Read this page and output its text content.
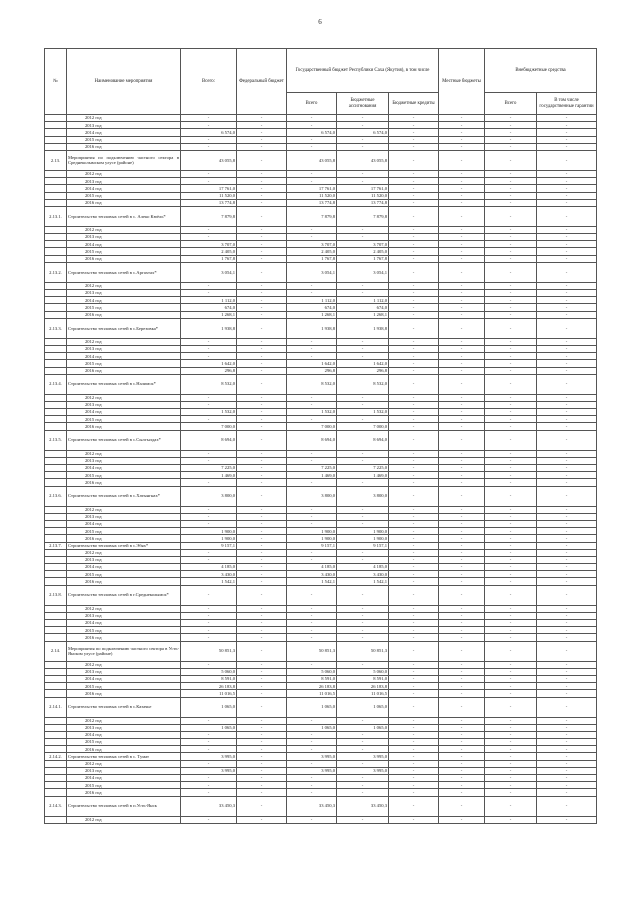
6
№	Наименование мероприятия	Всего:	Федеральный бюджет	Государственный бюджет Республики Саха (Якутия), в том числе			Местные бюджеты	Внебюджетные средства	
				Всего	Бюджетные ассигнования	Бюджетные кредиты		Всего	В том числе государственные гарантии
	2012 год	-	-	-	-	-	-	-	-
	2013 год	-	-	-	-	-	-	-	-
	2014 год	6 574,0	-	6 574,0	6 574,0	-	-	-	-
	2015 год	-	-	-	-	-	-	-	-
	2016 год	-	-	-	-	-	-	-	-
2.13.	Мероприятия по подключению частного сектора в Среднеколымском улусе (районе)	43 055,8	-	43 055,8	43 055,8	-	-	-	-
	2012 год	-	-	-	-	-	-	-	-
	2013 год	-	-	-	-	-	-	-	-
	2014 год	17 761,0	-	17 761,0	17 761,0	-	-	-	-
	2015 год	11 520,0	-	11 520,0	11 520,0	-	-	-	-
	2016 год	13 774,8	-	13 774,8	13 774,8	-	-	-	-
2.13.1.	Строительство тепловых сетей в с. Алеко Кюёль*	7 879,8	-	7 879,8	7 879,8	-	-	-	-
	2012 год	-	-	-	-	-	-	-	-
	2013 год	-	-	-	-	-	-	-	-
	2014 год	3 707,0	-	3 707,0	3 707,0	-	-	-	-
	2015 год	2 405,0	-	2 405,0	2 405,0	-	-	-	-
	2016 год	1 767,8	-	1 767,8	1 767,8	-	-	-	-
2.13.2.	Строительство тепловых сетей в с.Аргахтах*	3 054,1	-	3 054,1	3 054,1	-	-	-	-
	2012 год	-	-	-	-	-	-	-	-
	2013 год	-	-	-	-	-	-	-	-
	2014 год	1 112,0	-	1 112,0	1 112,0	-	-	-	-
	2015 год	674,0	-	674,0	674,0	-	-	-	-
	2016 год	1 268,1	-	1 268,1	1 268,1	-	-	-	-
2.13.3.	Строительство тепловых сетей в с.Березовка*	1 938,8	-	1 938,8	1 938,8	-	-	-	-
	2012 год	-	-	-	-	-	-	-	-
	2013 год	-	-	-	-	-	-	-	-
	2014 год	-	-	-	-	-	-	-	-
	2015 год	1 642,0	-	1 642,0	1 642,0	-	-	-	-
	2016 год	296,8	-	296,8	296,8	-	-	-	-
2.13.4.	Строительство тепловых сетей в с.Налимск*	8 532,0	-	8 532,0	8 532,0	-	-	-	-
	2012 год	-	-	-	-	-	-	-	-
	2013 год	-	-	-	-	-	-	-	-
	2014 год	1 532,0	-	1 532,0	1 532,0	-	-	-	-
	2015 год	-	-	-	-	-	-	-	-
	2016 год	7 000,0	-	7 000,0	7 000,0	-	-	-	-
2.13.5.	Строительство тепловых сетей в с.Сылгылдах*	8 694,0	-	8 694,0	8 694,0	-	-	-	-
	2012 год	-	-	-	-	-	-	-	-
	2013 год	-	-	-	-	-	-	-	-
	2014 год	7 225,0	-	7 225,0	7 225,0	-	-	-	-
	2015 год	1 469,0	-	1 469,0	1 469,0	-	-	-	-
	2016 год	-	-	-	-	-	-	-	-
2.13.6.	Строительство тепловых сетей в с.Хатынгнах*	3 800,0	-	3 800,0	3 800,0	-	-	-	-
	2012 год	-	-	-	-	-	-	-	-
	2013 год	-	-	-	-	-	-	-	-
	2014 год	-	-	-	-	-	-	-	-
	2015 год	1 900,0	-	1 900,0	1 900,0	-	-	-	-
	2016 год	1 900,0	-	1 900,0	1 900,0	-	-	-	-
2.13.7.	Строительство тепловых сетей в с.Эбях*	9 157,1	-	9 157,1	9 157,1	-	-	-	-
	2012 год	-	-	-	-	-	-	-	-
	2013 год	-	-	-	-	-	-	-	-
	2014 год	4 185,0	-	4 185,0	4 185,0	-	-	-	-
	2015 год	3 430,0	-	3 430,0	3 430,0	-	-	-	-
	2016 год	1 542,1	-	1 542,1	1 542,1	-	-	-	-
2.13.8.	Строительство тепловых сетей в г.Среднеколымск*	-	-	-	-	-	-	-	-
	2012 год	-	-	-	-	-	-	-	-
	2013 год	-	-	-	-	-	-	-	-
	2014 год	-	-	-	-	-	-	-	-
	2015 год	-	-	-	-	-	-	-	-
	2016 год	-	-	-	-	-	-	-	-
2.14.	Мероприятия по подключению частного сектора в Усть-Янском улусе (районе)	50 851,3	-	50 851,3	50 851,3	-	-	-	-
	2012 год	-	-	-	-	-	-	-	-
	2013 год	5 060,0	-	5 060,0	5 060,0	-	-	-	-
	2014 год	8 591,0	-	8 591,0	8 591,0	-	-	-	-
	2015 год	26 183,8	-	26 183,8	26 183,8	-	-	-	-
	2016 год	11 016,5	-	11 016,5	11 016,5	-	-	-	-
2.14.1.	Строительство тепловых сетей в с.Казачье	1 065,0	-	1 065,0	1 065,0	-	-	-	-
	2012 год	-	-	-	-	-	-	-	-
	2013 год	1 065,0	-	1 065,0	1 065,0	-	-	-	-
	2014 год	-	-	-	-	-	-	-	-
	2015 год	-	-	-	-	-	-	-	-
	2016 год	-	-	-	-	-	-	-	-
2.14.2.	Строительство тепловых сетей в с. Тумат	3 995,0	-	3 995,0	3 995,0	-	-	-	-
	2012 год	-	-	-	-	-	-	-	-
	2013 год	3 995,0	-	3 995,0	3 995,0	-	-	-	-
	2014 год	-	-	-	-	-	-	-	-
	2015 год	-	-	-	-	-	-	-	-
	2016 год	-	-	-	-	-	-	-	-
2.14.3.	Строительство тепловых сетей в п.Усть-Янск	33 450,3	-	33 450,3	33 450,3	-	-	-	-
	2012 год	-	-	-	-	-	-	-	-
